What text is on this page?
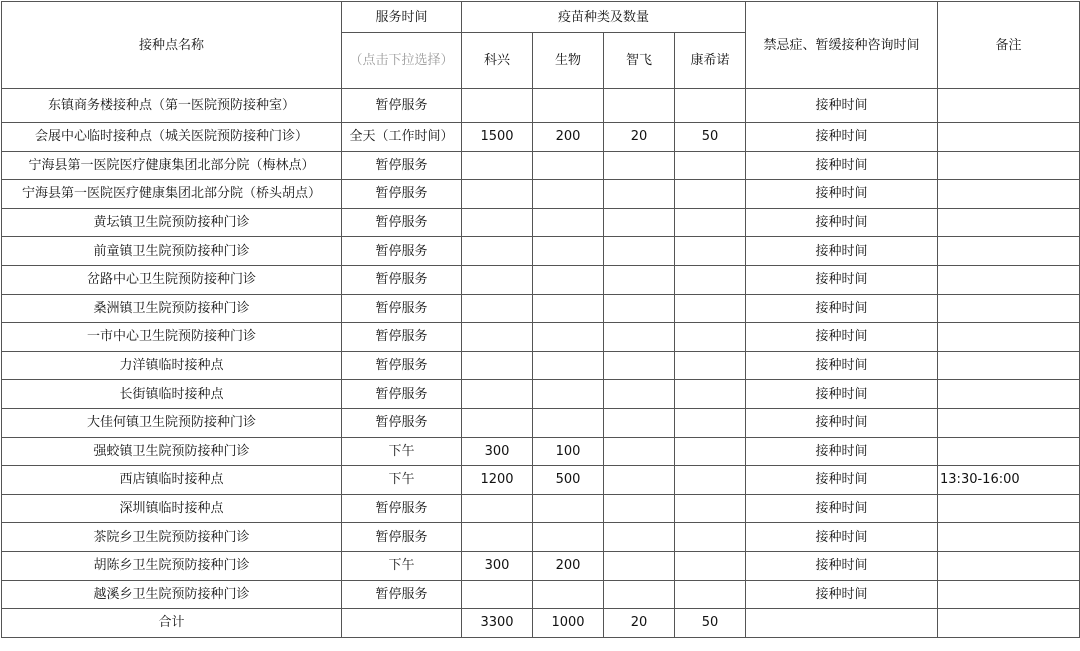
接种点名称	服务时间	疫苗种类及数量				禁忌症、暂缓接种咨询时间	备注
	（点击下拉选择）	科兴	生物	智飞	康希诺		
东镇商务楼接种点（第一医院预防接种室）	暂停服务					接种时间	
会展中心临时接种点（城关医院预防接种门诊）	全天（工作时间）	1500	200	20	50	接种时间	
宁海县第一医院医疗健康集团北部分院（梅林点）	暂停服务					接种时间	
宁海县第一医院医疗健康集团北部分院（桥头胡点）	暂停服务					接种时间	
黄坛镇卫生院预防接种门诊	暂停服务					接种时间	
前童镇卫生院预防接种门诊	暂停服务					接种时间	
岔路中心卫生院预防接种门诊	暂停服务					接种时间	
桑洲镇卫生院预防接种门诊	暂停服务					接种时间	
一市中心卫生院预防接种门诊	暂停服务					接种时间	
力洋镇临时接种点	暂停服务					接种时间	
长街镇临时接种点	暂停服务					接种时间	
大佳何镇卫生院预防接种门诊	暂停服务					接种时间	
强蛟镇卫生院预防接种门诊	下午	300	100			接种时间	
西店镇临时接种点	下午	1200	500			接种时间	13:30-16:00
深圳镇临时接种点	暂停服务					接种时间	
茶院乡卫生院预防接种门诊	暂停服务					接种时间	
胡陈乡卫生院预防接种门诊	下午	300	200			接种时间	
越溪乡卫生院预防接种门诊	暂停服务					接种时间	
合计		3300	1000	20	50		
